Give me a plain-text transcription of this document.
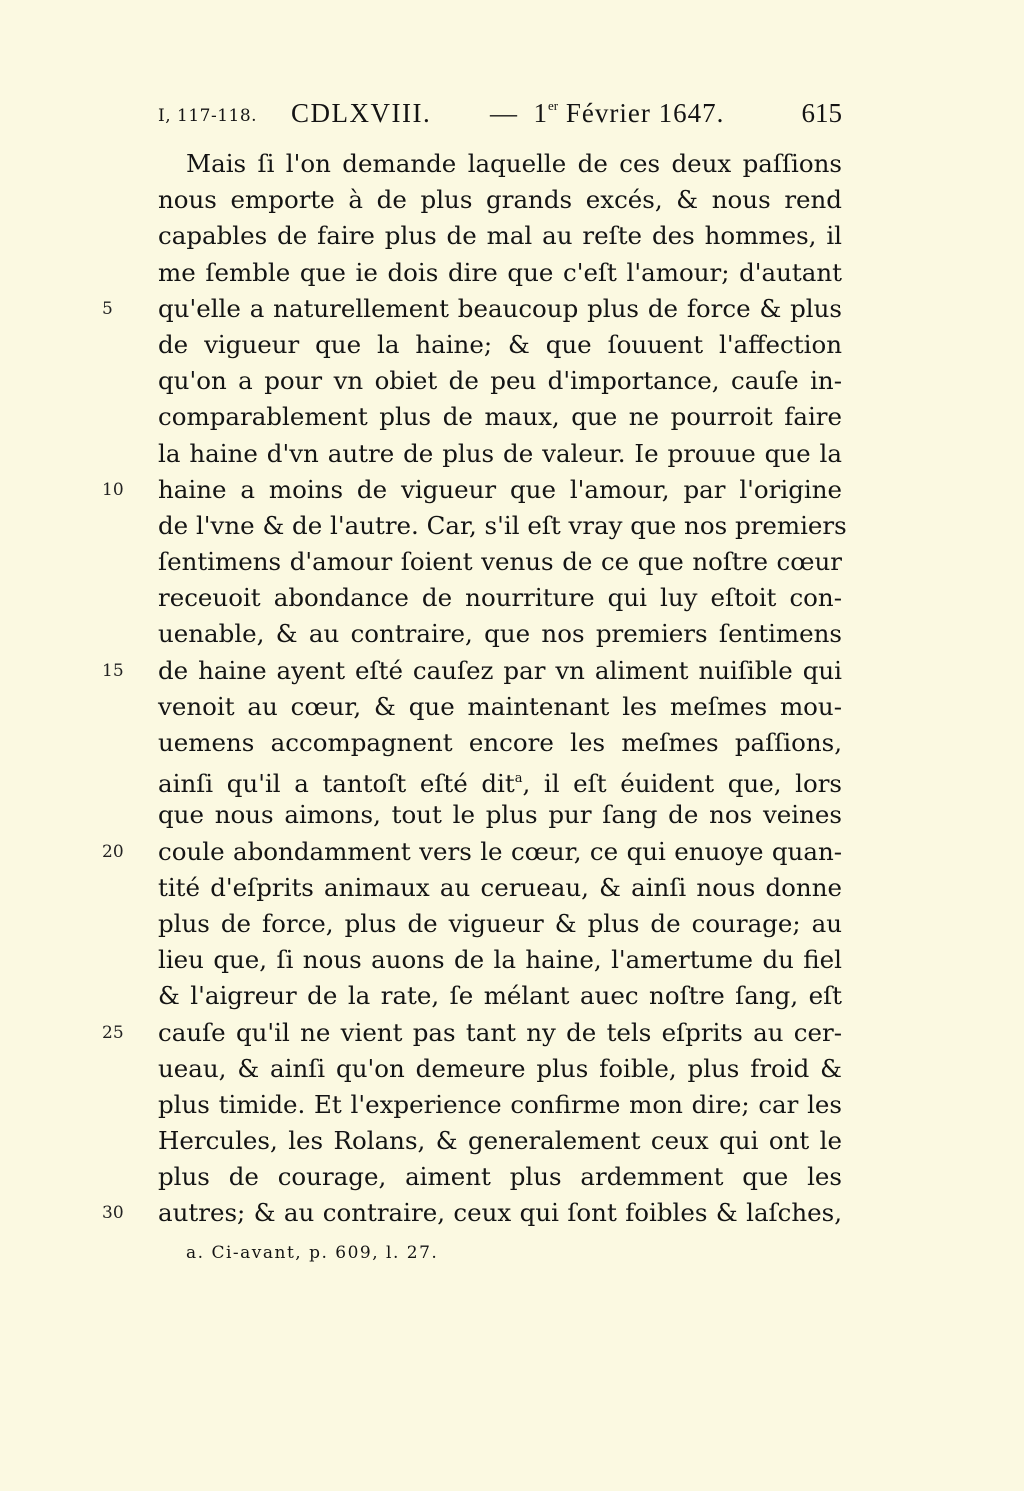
I, 117-118. CDLXVIII. — 1er Février 1647.	615
Mais ſi l'on demande laquelle de ces deux paſſions
nous emporte à de plus grands excés, & nous rend
capables de faire plus de mal au reſte des hommes, il
me ſemble que ie dois dire que c'eſt l'amour; d'autant
5	qu'elle a naturellement beaucoup plus de force & plus
de vigueur que la haine; & que ſouuent l'affection
qu'on a pour vn obiet de peu d'importance, cauſe in-
comparablement plus de maux, que ne pourroit faire
la haine d'vn autre de plus de valeur. Ie prouue que la
10	haine a moins de vigueur que l'amour, par l'origine
de l'vne & de l'autre. Car, s'il eſt vray que nos premiers
ſentimens d'amour ſoient venus de ce que noſtre cœur
receuoit abondance de nourriture qui luy eſtoit con-
uenable, & au contraire, que nos premiers ſentimens
15	de haine ayent eſté cauſez par vn aliment nuiſible qui
venoit au cœur, & que maintenant les meſmes mou-
uemens accompagnent encore les meſmes paſſions,
ainſi qu'il a tantoſt eſté dit$^a$, il eſt éuident que, lors
que nous aimons, tout le plus pur ſang de nos veines
20	coule abondamment vers le cœur, ce qui enuoye quan-
tité d'eſprits animaux au cerueau, & ainſi nous donne
plus de force, plus de vigueur & plus de courage; au
lieu que, ſi nous auons de la haine, l'amertume du fiel
& l'aigreur de la rate, ſe mélant auec noſtre ſang, eſt
25	cauſe qu'il ne vient pas tant ny de tels eſprits au cer-
ueau, & ainſi qu'on demeure plus foible, plus froid &
plus timide. Et l'experience confirme mon dire; car les
Hercules, les Rolans, & generalement ceux qui ont le
plus de courage, aiment plus ardemment que les
30	autres; & au contraire, ceux qui ſont foibles & laſches,
a. Ci-avant, p. 609, l. 27.
